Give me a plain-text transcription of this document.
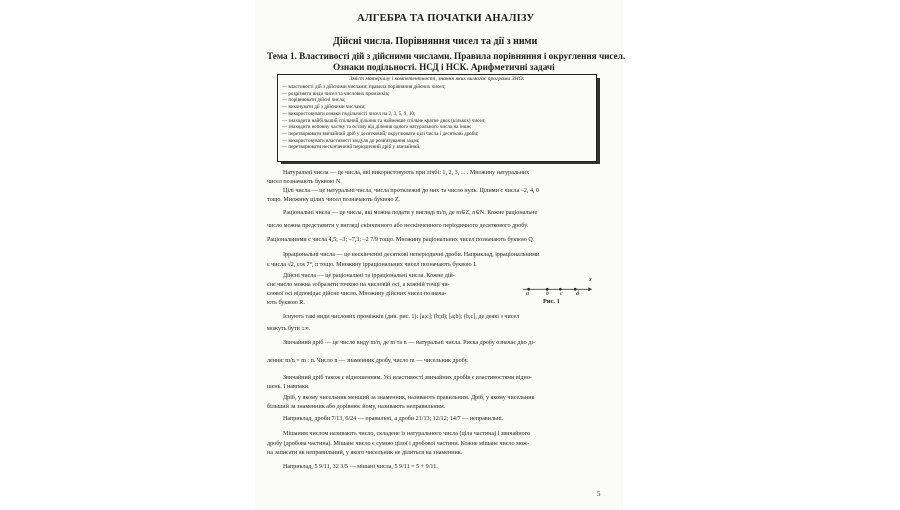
АЛГЕБРА ТА ПОЧАТКИ АНАЛІЗУ
Дійсні числа. Порівняння чисел та дії з ними
Тема 1. Властивості дій з дійсними числами. Правила порівняння і округлення чисел.
Ознаки подільності. НСД і НСК. Арифметичні задачі
Зміст матеріалу і компетентності, знання яких вимагає програма ЗНО:
— властивості дій з дійсними числами; правила порівняння дійсних чисел;
— розрізняти види чисел та числових проміжків;
— порівнювати дійсні числа;
— виконувати дії з дійсними числами;
— використовувати ознаки подільності чисел на 2, 3, 5, 9, 10;
— знаходити найбільший спільний дільник та найменше спільне кратне двох (кількох) чисел;
— знаходити неповну частку та остачу від ділення одного натурального числа на інше;
— перетворювати звичайний дріб у десятковий; округлювати цілі числа і десяткові дроби;
— використовувати властивості модуля до розв'язування задач;
— перетворювати нескінченний періодичний дріб у звичайний.
Натуральні числа — це числа, які використовують при лічбі: 1, 2, 3, ... . Множину натуральних
чисел позначають буквою N.
Цілі числа — це натуральні числа, числа протилежні до них та число нуль. Цілими є числа –2, 4, 0
тощо. Множину цілих чисел позначають буквою Z.
Раціональні числа — це числа, які можна подати у вигляді m/n, де m∈Z, n∈N. Кожне раціональне
число можна представити у вигляді скінченного або нескінченного періодичного десяткового дробу.
Раціональними є числа 4,5; –3; –7,3; –2 7/9 тощо. Множину раціональних чисел позначають буквою Q.
Ірраціональні числа — це нескінченні десяткові неперіодичні дроби. Наприклад, ірраціональними
є числа √2, cos 7°, π тощо. Множину ірраціональних чисел позначають буквою I.
Дійсні числа — це раціональні та ірраціональні числа. Кожне дій-
сне число можна зобразити точкою на числовій осі, а кожній точці чи-
слової осі відповідає дійсне число. Множину дійсних чисел познача-
ють буквою R.
x
a	b c d
Рис. 1
Існують такі види числових проміжків (див. рис. 1): [a;c]; (b;d); [a;b); (b;c], де деякі з чисел
можуть бути ±∞.
Звичайний дріб — це число виду m/n, де m та n — натуральні числа. Риска дробу означає дію ді-
лення: m/n = m : n. Число n — знаменник дробу, число m — чисельник дробу.
Звичайний дріб також є відношенням. Усі властивості звичайних дробів є властивостями відно-
шень. І навпаки.
Дріб, у якому чисельник менший за знаменник, називають правильним. Дріб, у якому чисельник
більший за знаменник або дорівнює йому, називають неправильним.
Наприклад, дроби 7/13, 6/24 — правильні, а дроби 21/13; 12/12; 14/7 — неправильні.
Мішаним числом називають число, складене із натурального числа (ціла частина) і звичайного
дробу (дробова частина). Мішане число є сумою цілої і дробової частини. Кожне мішане число мож-
на записати як неправильний, у якого чисельник не ділиться на знаменник.
Наприклад, 5 9/11, 32 3/5 — мішані числа, 5 9/11 = 5 + 9/11.
5
